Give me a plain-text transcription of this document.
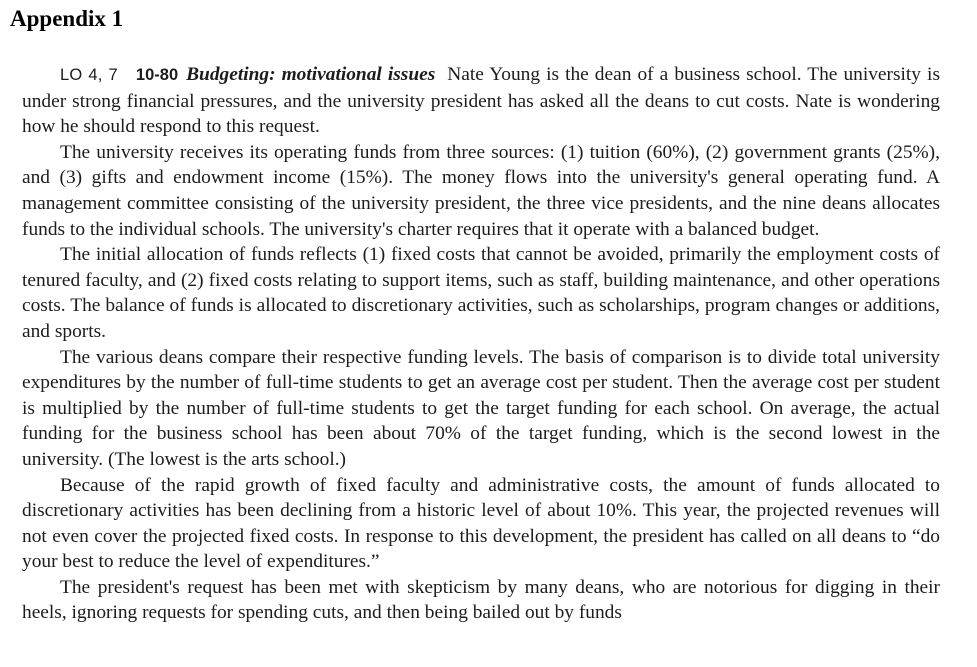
Appendix 1

LO 4, 7 10-80 Budgeting: motivational issues Nate Young is the dean of a business school. The university is under strong financial pressures, and the university president has asked all the deans to cut costs. Nate is wondering how he should respond to this request.

The university receives its operating funds from three sources: (1) tuition (60%), (2) government grants (25%), and (3) gifts and endowment income (15%). The money flows into the university's general operating fund. A management committee consisting of the university president, the three vice presidents, and the nine deans allocates funds to the individual schools. The university's charter requires that it operate with a balanced budget.

The initial allocation of funds reflects (1) fixed costs that cannot be avoided, primarily the employment costs of tenured faculty, and (2) fixed costs relating to support items, such as staff, building maintenance, and other operations costs. The balance of funds is allocated to discretionary activities, such as scholarships, program changes or additions, and sports.

The various deans compare their respective funding levels. The basis of comparison is to divide total university expenditures by the number of full-time students to get an average cost per student. Then the average cost per student is multiplied by the number of full-time students to get the target funding for each school. On average, the actual funding for the business school has been about 70% of the target funding, which is the second lowest in the university. (The lowest is the arts school.)

Because of the rapid growth of fixed faculty and administrative costs, the amount of funds allocated to discretionary activities has been declining from a historic level of about 10%. This year, the projected revenues will not even cover the projected fixed costs. In response to this development, the president has called on all deans to “do your best to reduce the level of expenditures.”

The president's request has been met with skepticism by many deans, who are notorious for digging in their heels, ignoring requests for spending cuts, and then being bailed out by funds
